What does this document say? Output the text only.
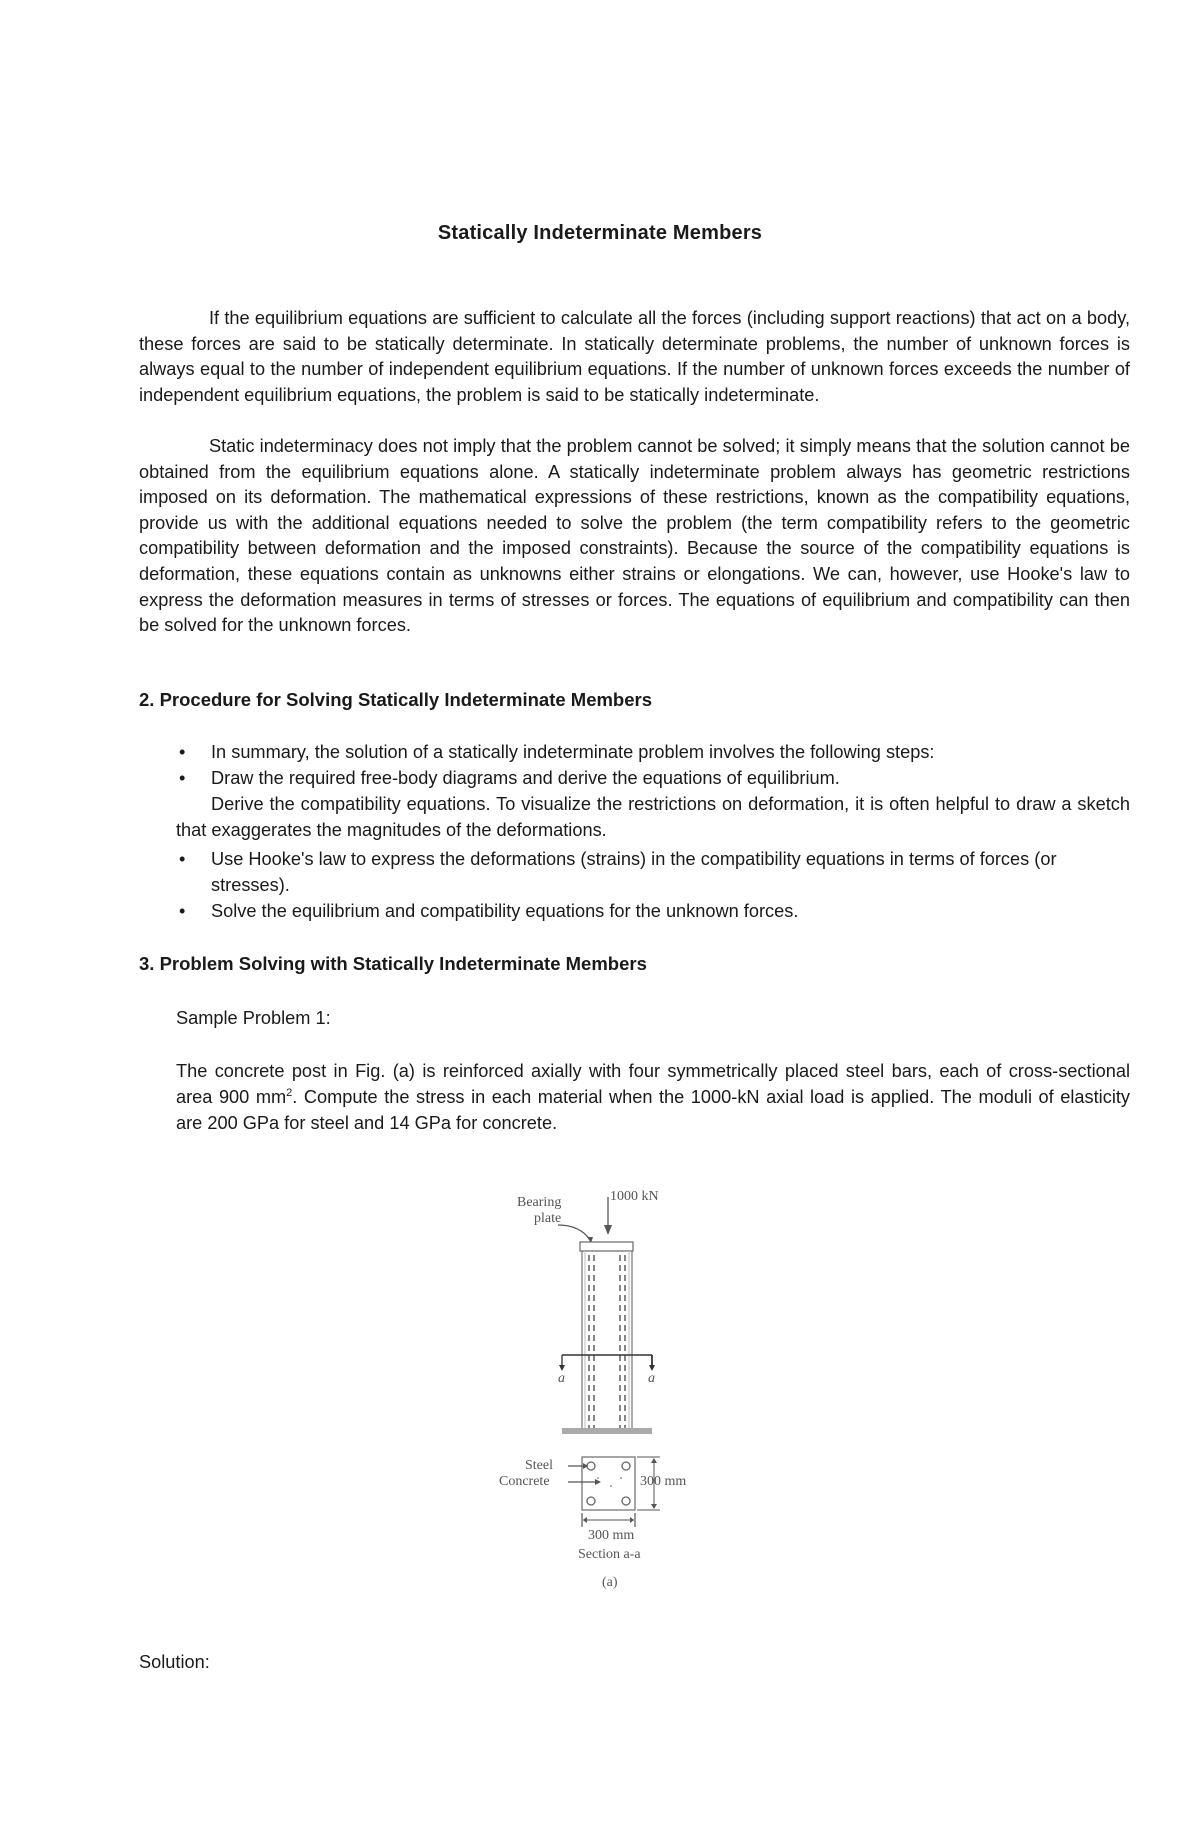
Statically Indeterminate Members
If the equilibrium equations are sufficient to calculate all the forces (including support reactions) that act on a body, these forces are said to be statically determinate. In statically determinate problems, the number of unknown forces is always equal to the number of independent equilibrium equations. If the number of unknown forces exceeds the number of independent equilibrium equations, the problem is said to be statically indeterminate.
Static indeterminacy does not imply that the problem cannot be solved; it simply means that the solution cannot be obtained from the equilibrium equations alone. A statically indeterminate problem always has geometric restrictions imposed on its deformation. The mathematical expressions of these restrictions, known as the compatibility equations, provide us with the additional equations needed to solve the problem (the term compatibility refers to the geometric compatibility between deformation and the imposed constraints). Because the source of the compatibility equations is deformation, these equations contain as unknowns either strains or elongations. We can, however, use Hooke's law to express the deformation measures in terms of stresses or forces. The equations of equilibrium and compatibility can then be solved for the unknown forces.
2. Procedure for Solving Statically Indeterminate Members
• In summary, the solution of a statically indeterminate problem involves the following steps:
• Draw the required free-body diagrams and derive the equations of equilibrium.
Derive the compatibility equations. To visualize the restrictions on deformation, it is often helpful to draw a sketch that exaggerates the magnitudes of the deformations.
• Use Hooke's law to express the deformations (strains) in the compatibility equations in terms of forces (or stresses).
• Solve the equilibrium and compatibility equations for the unknown forces.
3. Problem Solving with Statically Indeterminate Members
Sample Problem 1:
The concrete post in Fig. (a) is reinforced axially with four symmetrically placed steel bars, each of cross-sectional area 900 $mm^2$. Compute the stress in each material when the 1000-kN axial load is applied. The moduli of elasticity are 200 GPa for steel and 14 GPa for concrete.
1000 kN
Bearing
plate
a	a
Steel
Concrete	300 mm
300 mm
Section a-a
(a)
Solution:
